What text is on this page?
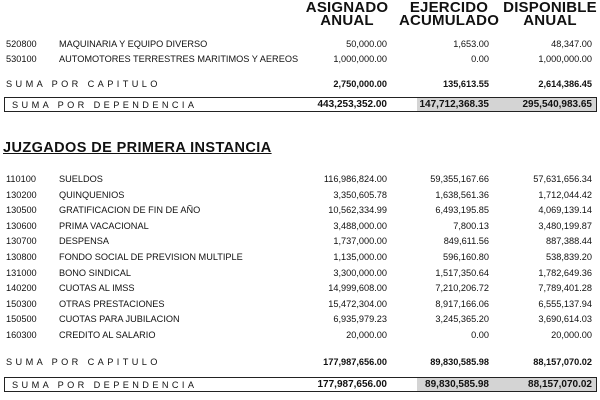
ASIGNADO
ANUAL
EJERCIDO
ACUMULADO
DISPONIBLE
ANUAL
520800 MAQUINARIA Y EQUIPO DIVERSO	50,000.00	1,653.00	48,347.00
530100 AUTOMOTORES TERRESTRES MARITIMOS Y AEREOS	1,000,000.00	0.00	1,000,000.00
SUMA POR CAPITULO	2,750,000.00	135,613.55	2,614,386.45
SUMA POR DEPENDENCIA	443,253,352.00	147,712,368.35	295,540,983.65
JUZGADOS DE PRIMERA INSTANCIA
110100	SUELDOS	116,986,824.00	59,355,167.66	57,631,656.34
130200 QUINQUENIOS	3,350,605.78	1,638,561.36	1,712,044.42
130500 GRATIFICACION DE FIN DE AÑO	10,562,334.99	6,493,195.85	4,069,139.14
130600 PRIMA VACACIONAL	3,488,000.00	7,800.13	3,480,199.87
130700 DESPENSA	1,737,000.00	849,611.56	887,388.44
130800 FONDO SOCIAL DE PREVISION MULTIPLE	1,135,000.00	596,160.80	538,839.20
131000 BONO SINDICAL	3,300,000.00	1,517,350.64	1,782,649.36
140200 CUOTAS AL IMSS	14,999,608.00	7,210,206.72	7,789,401.28
150300 OTRAS PRESTACIONES	15,472,304.00	8,917,166.06	6,555,137.94
150500 CUOTAS PARA JUBILACION	6,935,979.23	3,245,365.20	3,690,614.03
160300 CREDITO AL SALARIO	20,000.00	0.00	20,000.00
SUMA POR CAPITULO	177,987,656.00	89,830,585.98	88,157,070.02
SUMA POR DEPENDENCIA	177,987,656.00	89,830,585.98	88,157,070.02
